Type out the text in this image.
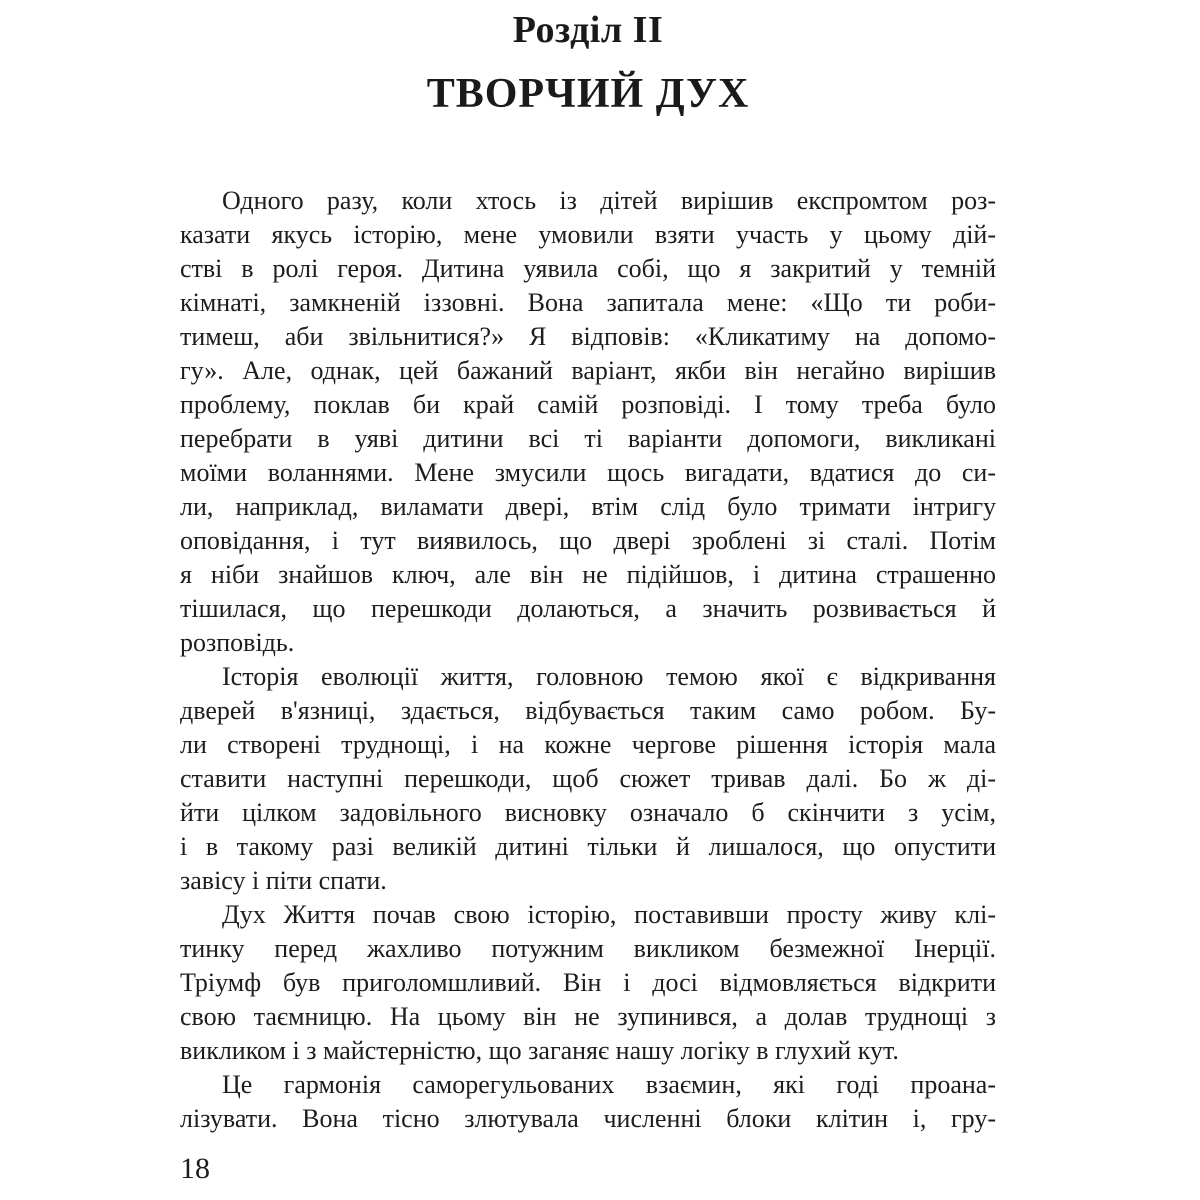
Розділ II
ТВОРЧИЙ ДУХ
Одного разу, коли хтось із дітей вирішив експромтом роз-
казати якусь історію, мене умовили взяти участь у цьому дій-
стві в ролі героя. Дитина уявила собі, що я закритий у темній
кімнаті, замкненій іззовні. Вона запитала мене: «Що ти роби-
тимеш, аби звільнитися?» Я відповів: «Кликатиму на допомо-
гу». Але, однак, цей бажаний варіант, якби він негайно вирішив
проблему, поклав би край самій розповіді. І тому треба було
перебрати в уяві дитини всі ті варіанти допомоги, викликані
моїми воланнями. Мене змусили щось вигадати, вдатися до си-
ли, наприклад, виламати двері, втім слід було тримати інтригу
оповідання, і тут виявилось, що двері зроблені зі сталі. Потім
я ніби знайшов ключ, але він не підійшов, і дитина страшенно
тішилася, що перешкоди долаються, а значить розвивається й
розповідь.
Історія еволюції життя, головною темою якої є відкривання
дверей в'язниці, здається, відбувається таким само робом. Бу-
ли створені труднощі, і на кожне чергове рішення історія мала
ставити наступні перешкоди, щоб сюжет тривав далі. Бо ж ді-
йти цілком задовільного висновку означало б скінчити з усім,
і в такому разі великій дитині тільки й лишалося, що опустити
завісу і піти спати.
Дух Життя почав свою історію, поставивши просту живу клі-
тинку перед жахливо потужним викликом безмежної Інерції.
Тріумф був приголомшливий. Він і досі відмовляється відкрити
свою таємницю. На цьому він не зупинився, а долав труднощі з
викликом і з майстерністю, що заганяє нашу логіку в глухий кут.
Це гармонія саморегульованих взаємин, які годі проана-
лізувати. Вона тісно злютувала численні блоки клітин і, гру-
18
